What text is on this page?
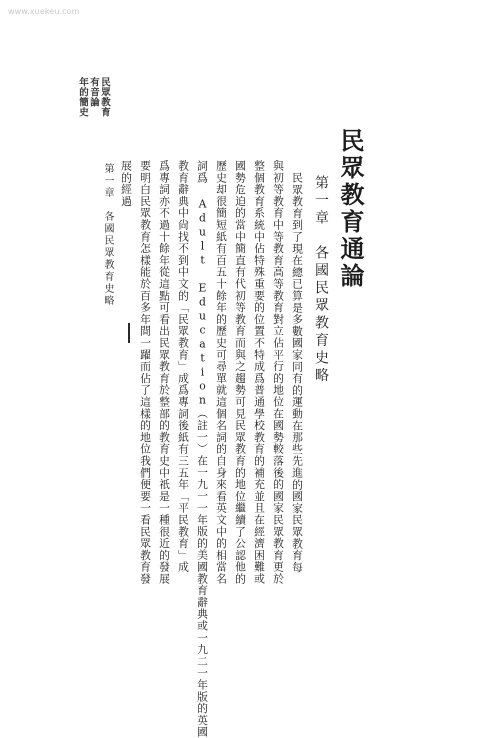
www.xuekeu.com
民眾教育
有音論
年的簡史
民眾教育通論
第一章　各國民眾教育史略
民眾教育到了現在總已算是多數國家同有的運動在那些先進的國家民眾教育每
與初等教育中等教育高等教育對立佔平行的地位在國勢較落後的國家民眾教育更於
整個教育系統中佔特殊重要的位置不特成爲普通學校教育的補充並且在經濟困難或
國勢危迫的當中簡直有代初等教育而與之趨勢可見民眾教育的地位繼續了公認他的
歷史却很簡短紙有百五十餘年的歷史可尋單就這個名詞的自身來看英文中的相當名
詞爲 Adult Education（註一）在一九一一年版的美國教育辭典或一九二一年版的英國
教育辭典中尙找不到中文的「民眾教育」成爲專詞後紙有三五年「平民教育」成
爲專詞亦不過十餘年從這點可看出民眾教育於整部的教育史中祇是一種很近的發展
要明白民眾教育怎樣能於百多年間一躍而佔了這樣的地位我們便要一看民眾教育發
展的經過
第一章　各國民眾教育史略
